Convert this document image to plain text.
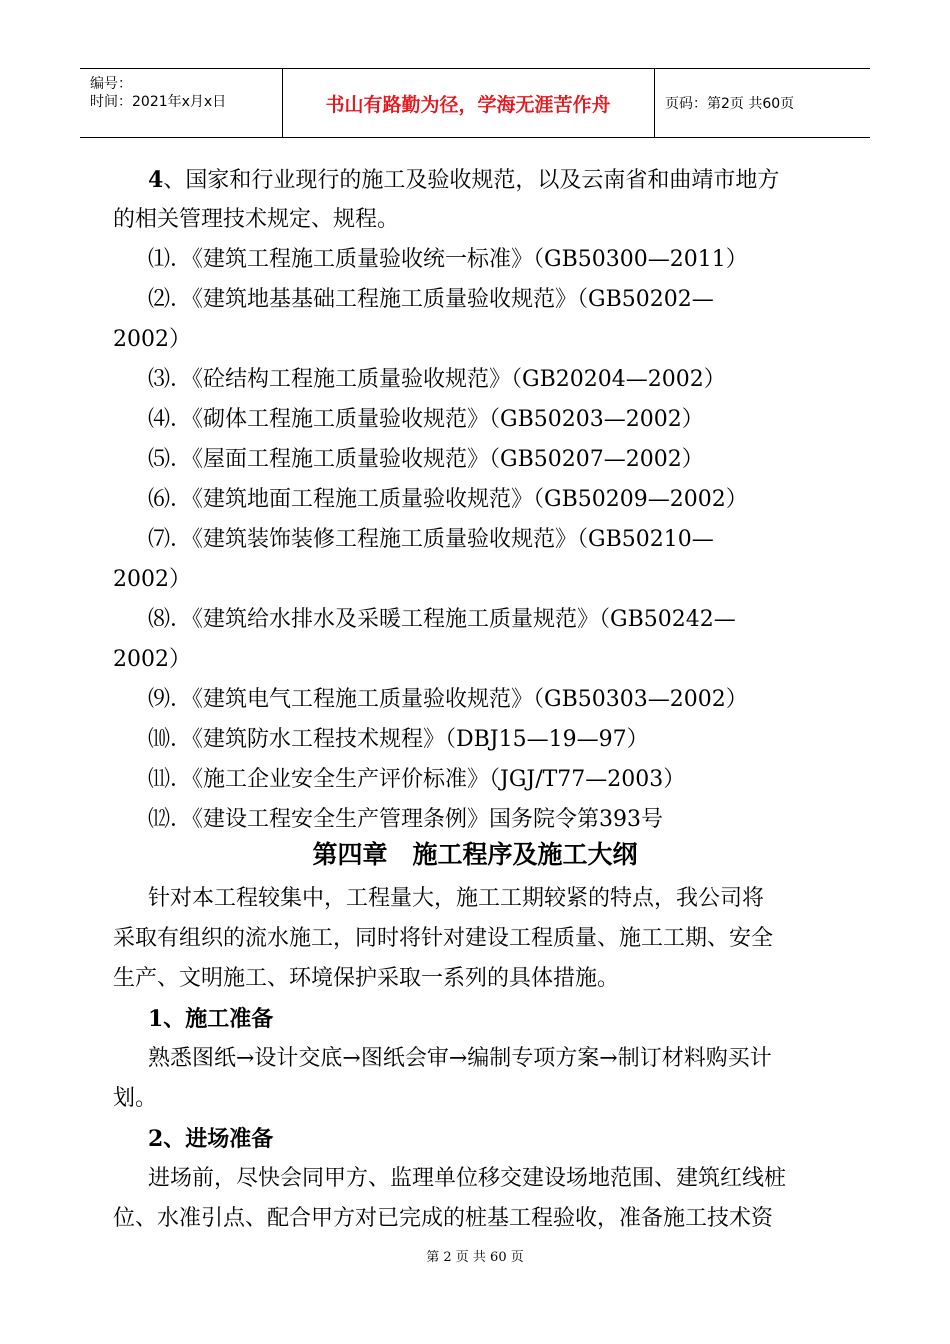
编号：
时间：2021年x月x日	书山有路勤为径，学海无涯苦作舟	页码：第2页 共60页
4、国家和行业现行的施工及验收规范，以及云南省和曲靖市地方
的相关管理技术规定、规程。
⑴．《建筑工程施工质量验收统一标准》（GB50300—2011）
⑵．《建筑地基基础工程施工质量验收规范》（GB50202—
2002）
⑶．《砼结构工程施工质量验收规范》（GB20204—2002）
⑷．《砌体工程施工质量验收规范》（GB50203—2002）
⑸．《屋面工程施工质量验收规范》（GB50207—2002）
⑹．《建筑地面工程施工质量验收规范》（GB50209—2002）
⑺．《建筑装饰装修工程施工质量验收规范》（GB50210—
2002）
⑻．《建筑给水排水及采暖工程施工质量规范》（GB50242—
2002）
⑼．《建筑电气工程施工质量验收规范》（GB50303—2002）
⑽．《建筑防水工程技术规程》（DBJ15—19—97）
⑾．《施工企业安全生产评价标准》（JGJ/T77—2003）
⑿．《建设工程安全生产管理条例》国务院令第393号
第四章　施工程序及施工大纲
针对本工程较集中，工程量大，施工工期较紧的特点，我公司将
采取有组织的流水施工，同时将针对建设工程质量、施工工期、安全
生产、文明施工、环境保护采取一系列的具体措施。
1、施工准备
熟悉图纸→设计交底→图纸会审→编制专项方案→制订材料购买计
划。
2、进场准备
进场前，尽快会同甲方、监理单位移交建设场地范围、建筑红线桩
位、水准引点、配合甲方对已完成的桩基工程验收，准备施工技术资
第 2 页 共 60 页
